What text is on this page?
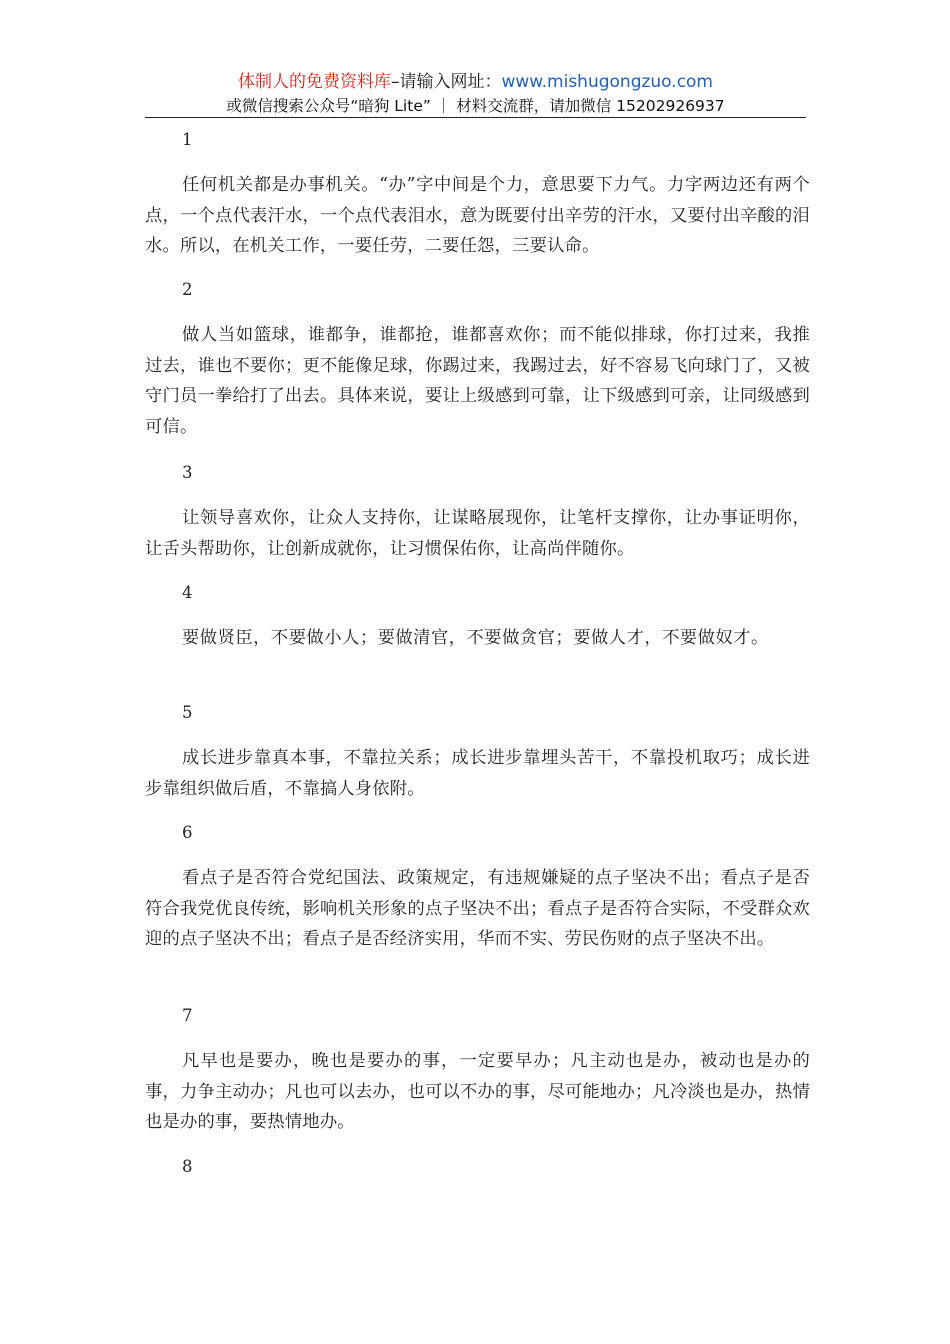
体制人的免费资料库–请输入网址：www.mishugongzuo.com
或微信搜索公众号“暗狗 Lite” ｜ 材料交流群，请加微信 15202926937
1
任何机关都是办事机关。“办”字中间是个力，意思要下力气。力字两边还有两个点，一个点代表汗水，一个点代表泪水，意为既要付出辛劳的汗水，又要付出辛酸的泪水。所以，在机关工作，一要任劳，二要任怨，三要认命。
2
做人当如篮球，谁都争，谁都抢，谁都喜欢你；而不能似排球，你打过来，我推过去，谁也不要你；更不能像足球，你踢过来，我踢过去，好不容易飞向球门了，又被守门员一拳给打了出去。具体来说，要让上级感到可靠，让下级感到可亲，让同级感到可信。
3
让领导喜欢你，让众人支持你，让谋略展现你，让笔杆支撑你，让办事证明你，让舌头帮助你，让创新成就你，让习惯保佑你，让高尚伴随你。
4
要做贤臣，不要做小人；要做清官，不要做贪官；要做人才，不要做奴才。
5
成长进步靠真本事，不靠拉关系；成长进步靠埋头苦干，不靠投机取巧；成长进步靠组织做后盾，不靠搞人身依附。
6
看点子是否符合党纪国法、政策规定，有违规嫌疑的点子坚决不出；看点子是否符合我党优良传统，影响机关形象的点子坚决不出；看点子是否符合实际，不受群众欢迎的点子坚决不出；看点子是否经济实用，华而不实、劳民伤财的点子坚决不出。
7
凡早也是要办，晚也是要办的事，一定要早办；凡主动也是办，被动也是办的事，力争主动办；凡也可以去办，也可以不办的事，尽可能地办；凡冷淡也是办，热情也是办的事，要热情地办。
8
